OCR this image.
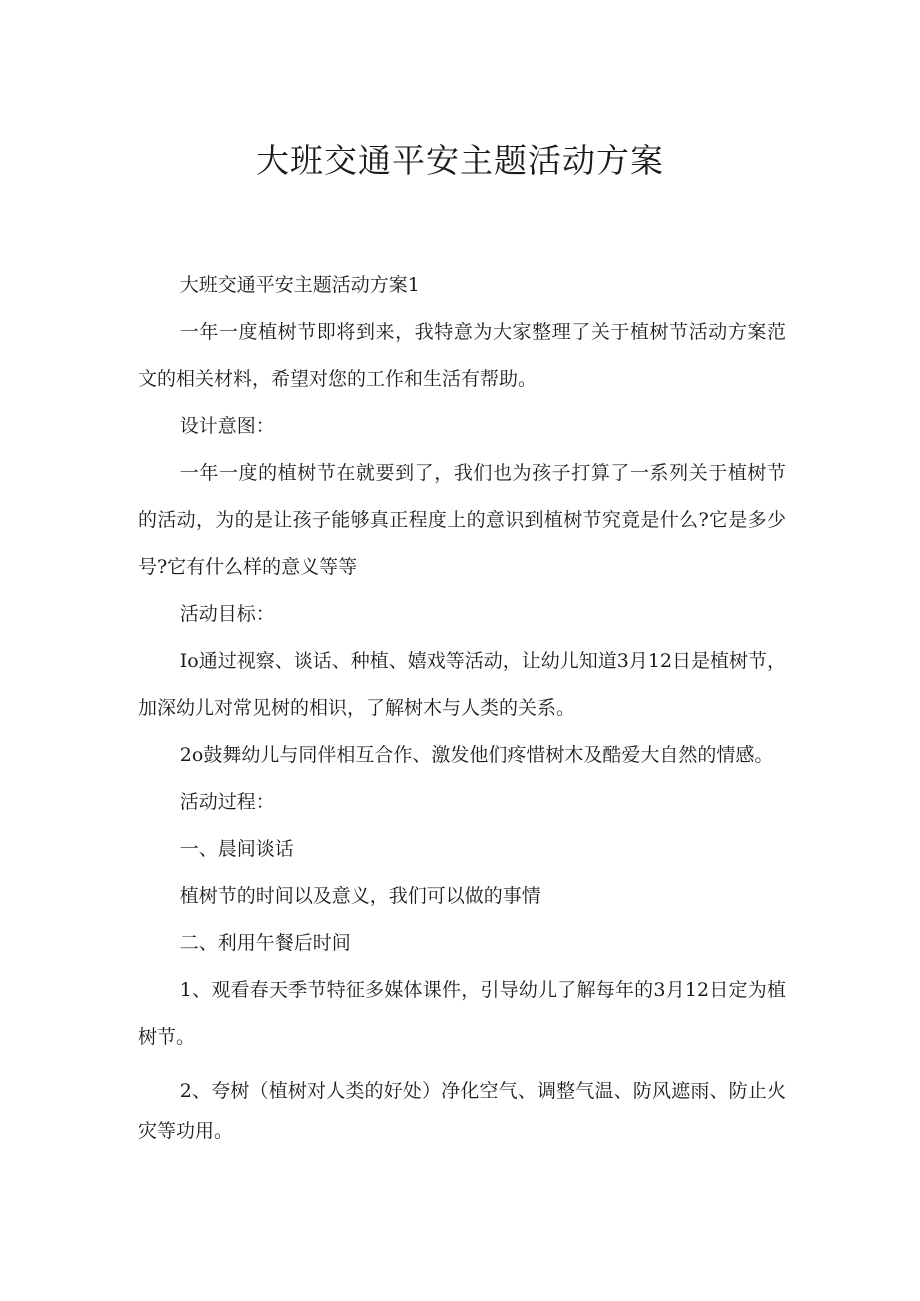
大班交通平安主题活动方案

大班交通平安主题活动方案1

一年一度植树节即将到来，我特意为大家整理了关于植树节活动方案范文的相关材料，希望对您的工作和生活有帮助。

设计意图：

一年一度的植树节在就要到了，我们也为孩子打算了一系列关于植树节的活动，为的是让孩子能够真正程度上的意识到植树节究竟是什么?它是多少号?它有什么样的意义等等

活动目标：

Io通过视察、谈话、种植、嬉戏等活动，让幼儿知道3月12日是植树节，加深幼儿对常见树的相识，了解树木与人类的关系。

2o鼓舞幼儿与同伴相互合作、激发他们疼惜树木及酷爱大自然的情感。

活动过程：

一、晨间谈话

植树节的时间以及意义，我们可以做的事情

二、利用午餐后时间

1、观看春天季节特征多媒体课件，引导幼儿了解每年的3月12日定为植树节。

2、夸树（植树对人类的好处）净化空气、调整气温、防风遮雨、防止火灾等功用。
